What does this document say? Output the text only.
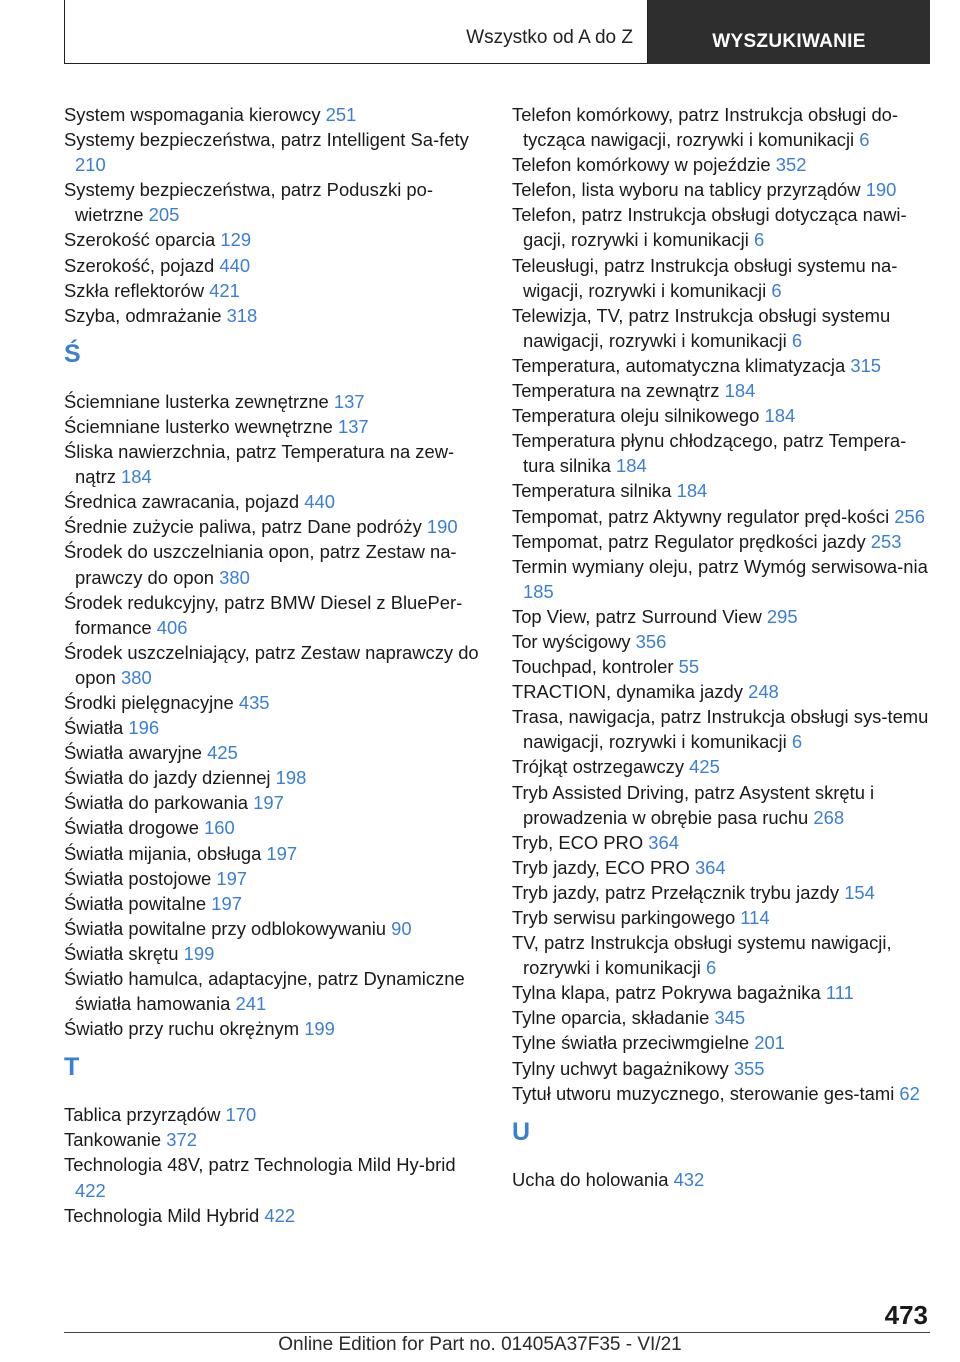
Wszystko od A do Z	WYSZUKIWANIE
System wspomagania kierowcy 251
Systemy bezpieczeństwa, patrz Intelligent Sa-fety 210
Systemy bezpieczeństwa, patrz Poduszki po-wietrzne 205
Szerokość oparcia 129
Szerokość, pojazd 440
Szkła reflektorów 421
Szyba, odmrażanie 318
Ś
Ściemniane lusterka zewnętrzne 137
Ściemniane lusterko wewnętrzne 137
Śliska nawierzchnia, patrz Temperatura na zew-nątrz 184
Średnica zawracania, pojazd 440
Średnie zużycie paliwa, patrz Dane podróży 190
Środek do uszczelniania opon, patrz Zestaw na-prawczy do opon 380
Środek redukcyjny, patrz BMW Diesel z BluePer-formance 406
Środek uszczelniający, patrz Zestaw naprawczy do opon 380
Środki pielęgnacyjne 435
Światła 196
Światła awaryjne 425
Światła do jazdy dziennej 198
Światła do parkowania 197
Światła drogowe 160
Światła mijania, obsługa 197
Światła postojowe 197
Światła powitalne 197
Światła powitalne przy odblokowywaniu 90
Światła skrętu 199
Światło hamulca, adaptacyjne, patrz Dynamiczne światła hamowania 241
Światło przy ruchu okrężnym 199
T
Tablica przyrządów 170
Tankowanie 372
Technologia 48V, patrz Technologia Mild Hy-brid 422
Technologia Mild Hybrid 422
Telefon komórkowy, patrz Instrukcja obsługi do-tycząca nawigacji, rozrywki i komunikacji 6
Telefon komórkowy w pojeździe 352
Telefon, lista wyboru na tablicy przyrządów 190
Telefon, patrz Instrukcja obsługi dotycząca nawi-gacji, rozrywki i komunikacji 6
Teleusługi, patrz Instrukcja obsługi systemu na-wigacji, rozrywki i komunikacji 6
Telewizja, TV, patrz Instrukcja obsługi systemu nawigacji, rozrywki i komunikacji 6
Temperatura, automatyczna klimatyzacja 315
Temperatura na zewnątrz 184
Temperatura oleju silnikowego 184
Temperatura płynu chłodzącego, patrz Tempera-tura silnika 184
Temperatura silnika 184
Tempomat, patrz Aktywny regulator pręd-kości 256
Tempomat, patrz Regulator prędkości jazdy 253
Termin wymiany oleju, patrz Wymóg serwisowa-nia 185
Top View, patrz Surround View 295
Tor wyścigowy 356
Touchpad, kontroler 55
TRACTION, dynamika jazdy 248
Trasa, nawigacja, patrz Instrukcja obsługi sys-temu nawigacji, rozrywki i komunikacji 6
Trójkąt ostrzegawczy 425
Tryb Assisted Driving, patrz Asystent skrętu i prowadzenia w obrębie pasa ruchu 268
Tryb, ECO PRO 364
Tryb jazdy, ECO PRO 364
Tryb jazdy, patrz Przełącznik trybu jazdy 154
Tryb serwisu parkingowego 114
TV, patrz Instrukcja obsługi systemu nawigacji, rozrywki i komunikacji 6
Tylna klapa, patrz Pokrywa bagażnika 111
Tylne oparcia, składanie 345
Tylne światła przeciwmgielne 201
Tylny uchwyt bagażnikowy 355
Tytuł utworu muzycznego, sterowanie ges-tami 62
U
Ucha do holowania 432
473
Online Edition for Part no. 01405A37F35 - VI/21
